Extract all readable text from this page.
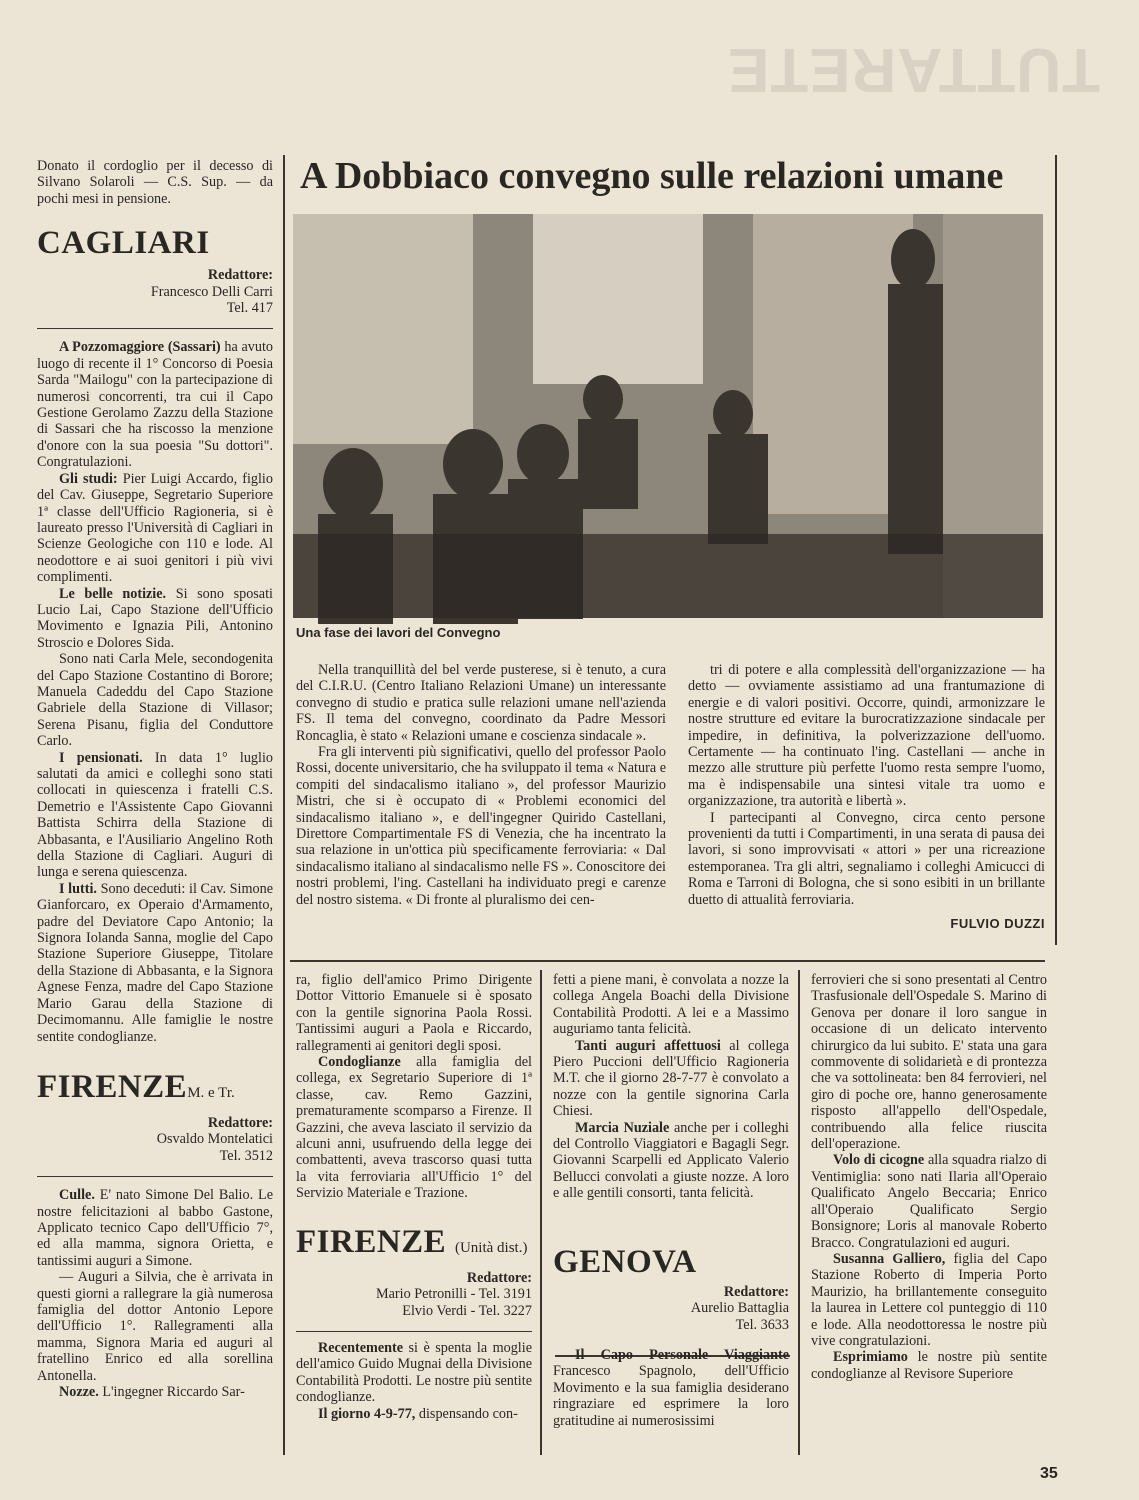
TUTTARETE

Donato il cordoglio per il decesso di Silvano Solaroli — C.S. Sup. — da pochi mesi in pensione.

CAGLIARI
Redattore:
Francesco Delli Carri
Tel. 417

A Pozzomaggiore (Sassari) ha avuto luogo di recente il 1° Concorso di Poesia Sarda "Mailogu" con la partecipazione di numerosi concorrenti, tra cui il Capo Gestione Gerolamo Zazzu della Stazione di Sassari che ha riscosso la menzione d'onore con la sua poesia "Su dottori". Congratulazioni.

Gli studi: Pier Luigi Accardo, figlio del Cav. Giuseppe, Segretario Superiore 1ª classe dell'Ufficio Ragioneria, si è laureato presso l'Università di Cagliari in Scienze Geologiche con 110 e lode. Al neodottore e ai suoi genitori i più vivi complimenti.

Le belle notizie. Si sono sposati Lucio Lai, Capo Stazione dell'Ufficio Movimento e Ignazia Pili, Antonino Stroscio e Dolores Sida.

Sono nati Carla Mele, secondogenita del Capo Stazione Costantino di Borore; Manuela Cadeddu del Capo Stazione Gabriele della Stazione di Villasor; Serena Pisanu, figlia del Conduttore Carlo.

I pensionati. In data 1° luglio salutati da amici e colleghi sono stati collocati in quiescenza i fratelli C.S. Demetrio e l'Assistente Capo Giovanni Battista Schirra della Stazione di Abbasanta, e l'Ausiliario Angelino Roth della Stazione di Cagliari. Auguri di lunga e serena quiescenza.

I lutti. Sono deceduti: il Cav. Simone Gianforcaro, ex Operaio d'Armamento, padre del Deviatore Capo Antonio; la Signora Iolanda Sanna, moglie del Capo Stazione Superiore Giuseppe, Titolare della Stazione di Abbasanta, e la Signora Agnese Fenza, madre del Capo Stazione Mario Garau della Stazione di Decimomannu. Alle famiglie le nostre sentite condoglianze.

FIRENZEM. e Tr.
Redattore:
Osvaldo Montelatici
Tel. 3512

Culle. E' nato Simone Del Balio. Le nostre felicitazioni al babbo Gastone, Applicato tecnico Capo dell'Ufficio 7°, ed alla mamma, signora Orietta, e tantissimi auguri a Simone.

— Auguri a Silvia, che è arrivata in questi giorni a rallegrare la già numerosa famiglia del dottor Antonio Lepore dell'Ufficio 1°. Rallegramenti alla mamma, Signora Maria ed auguri al fratellino Enrico ed alla sorellina Antonella.

Nozze. L'ingegner Riccardo Sar-

A Dobbiaco convegno sulle relazioni umane
Una fase dei lavori del Convegno

Nella tranquillità del bel verde pusterese, si è tenuto, a cura del C.I.R.U. (Centro Italiano Relazioni Umane) un interessante convegno di studio e pratica sulle relazioni umane nell'azienda FS. Il tema del convegno, coordinato da Padre Messori Roncaglia, è stato « Relazioni umane e coscienza sindacale ».

Fra gli interventi più significativi, quello del professor Paolo Rossi, docente universitario, che ha sviluppato il tema « Natura e compiti del sindacalismo italiano », del professor Maurizio Mistri, che si è occupato di « Problemi economici del sindacalismo italiano », e dell'ingegner Quirido Castellani, Direttore Compartimentale FS di Venezia, che ha incentrato la sua relazione in un'ottica più specificamente ferroviaria: « Dal sindacalismo italiano al sindacalismo nelle FS ». Conoscitore dei nostri problemi, l'ing. Castellani ha individuato pregi e carenze del nostro sistema. « Di fronte al pluralismo dei cen-

tri di potere e alla complessità dell'organizzazione — ha detto — ovviamente assistiamo ad una frantumazione di energie e di valori positivi. Occorre, quindi, armonizzare le nostre strutture ed evitare la burocratizzazione sindacale per impedire, in definitiva, la polverizzazione dell'uomo. Certamente — ha continuato l'ing. Castellani — anche in mezzo alle strutture più perfette l'uomo resta sempre l'uomo, ma è indispensabile una sintesi vitale tra uomo e organizzazione, tra autorità e libertà ».

I partecipanti al Convegno, circa cento persone provenienti da tutti i Compartimenti, in una serata di pausa dei lavori, si sono improvvisati « attori » per una ricreazione estemporanea. Tra gli altri, segnaliamo i colleghi Amicucci di Roma e Tarroni di Bologna, che si sono esibiti in un brillante duetto di attualità ferroviaria.

FULVIO DUZZI

ra, figlio dell'amico Primo Dirigente Dottor Vittorio Emanuele si è sposato con la gentile signorina Paola Rossi. Tantissimi auguri a Paola e Riccardo, rallegramenti ai genitori degli sposi.

Condoglianze alla famiglia del collega, ex Segretario Superiore di 1ª classe, cav. Remo Gazzini, prematuramente scomparso a Firenze. Il Gazzini, che aveva lasciato il servizio da alcuni anni, usufruendo della legge dei combattenti, aveva trascorso quasi tutta la vita ferroviaria all'Ufficio 1° del Servizio Materiale e Trazione.

FIRENZE (Unità dist.)
Redattore:
Mario Petronilli - Tel. 3191
Elvio Verdi - Tel. 3227

Recentemente si è spenta la moglie dell'amico Guido Mugnai della Divisione Contabilità Prodotti. Le nostre più sentite condoglianze.

Il giorno 4-9-77, dispensando con-

fetti a piene mani, è convolata a nozze la collega Angela Boachi della Divisione Contabilità Prodotti. A lei e a Massimo auguriamo tanta felicità.

Tanti auguri affettuosi al collega Piero Puccioni dell'Ufficio Ragioneria M.T. che il giorno 28-7-77 è convolato a nozze con la gentile signorina Carla Chiesi.

Marcia Nuziale anche per i colleghi del Controllo Viaggiatori e Bagagli Segr. Giovanni Scarpelli ed Applicato Valerio Bellucci convolati a giuste nozze. A loro e alle gentili consorti, tanta felicità.

GENOVA
Redattore:
Aurelio Battaglia
Tel. 3633

Il Capo Personale Viaggiante Francesco Spagnolo, dell'Ufficio Movimento e la sua famiglia desiderano ringraziare ed esprimere la loro gratitudine ai numerosissimi

ferrovieri che si sono presentati al Centro Trasfusionale dell'Ospedale S. Marino di Genova per donare il loro sangue in occasione di un delicato intervento chirurgico da lui subito. E' stata una gara commovente di solidarietà e di prontezza che va sottolineata: ben 84 ferrovieri, nel giro di poche ore, hanno generosamente risposto all'appello dell'Ospedale, contribuendo alla felice riuscita dell'operazione.

Volo di cicogne alla squadra rialzo di Ventimiglia: sono nati Ilaria all'Operaio Qualificato Angelo Beccaria; Enrico all'Operaio Qualificato Sergio Bonsignore; Loris al manovale Roberto Bracco. Congratulazioni ed auguri.

Susanna Galliero, figlia del Capo Stazione Roberto di Imperia Porto Maurizio, ha brillantemente conseguito la laurea in Lettere col punteggio di 110 e lode. Alla neodottoressa le nostre più vive congratulazioni.

Esprimiamo le nostre più sentite condoglianze al Revisore Superiore

35
